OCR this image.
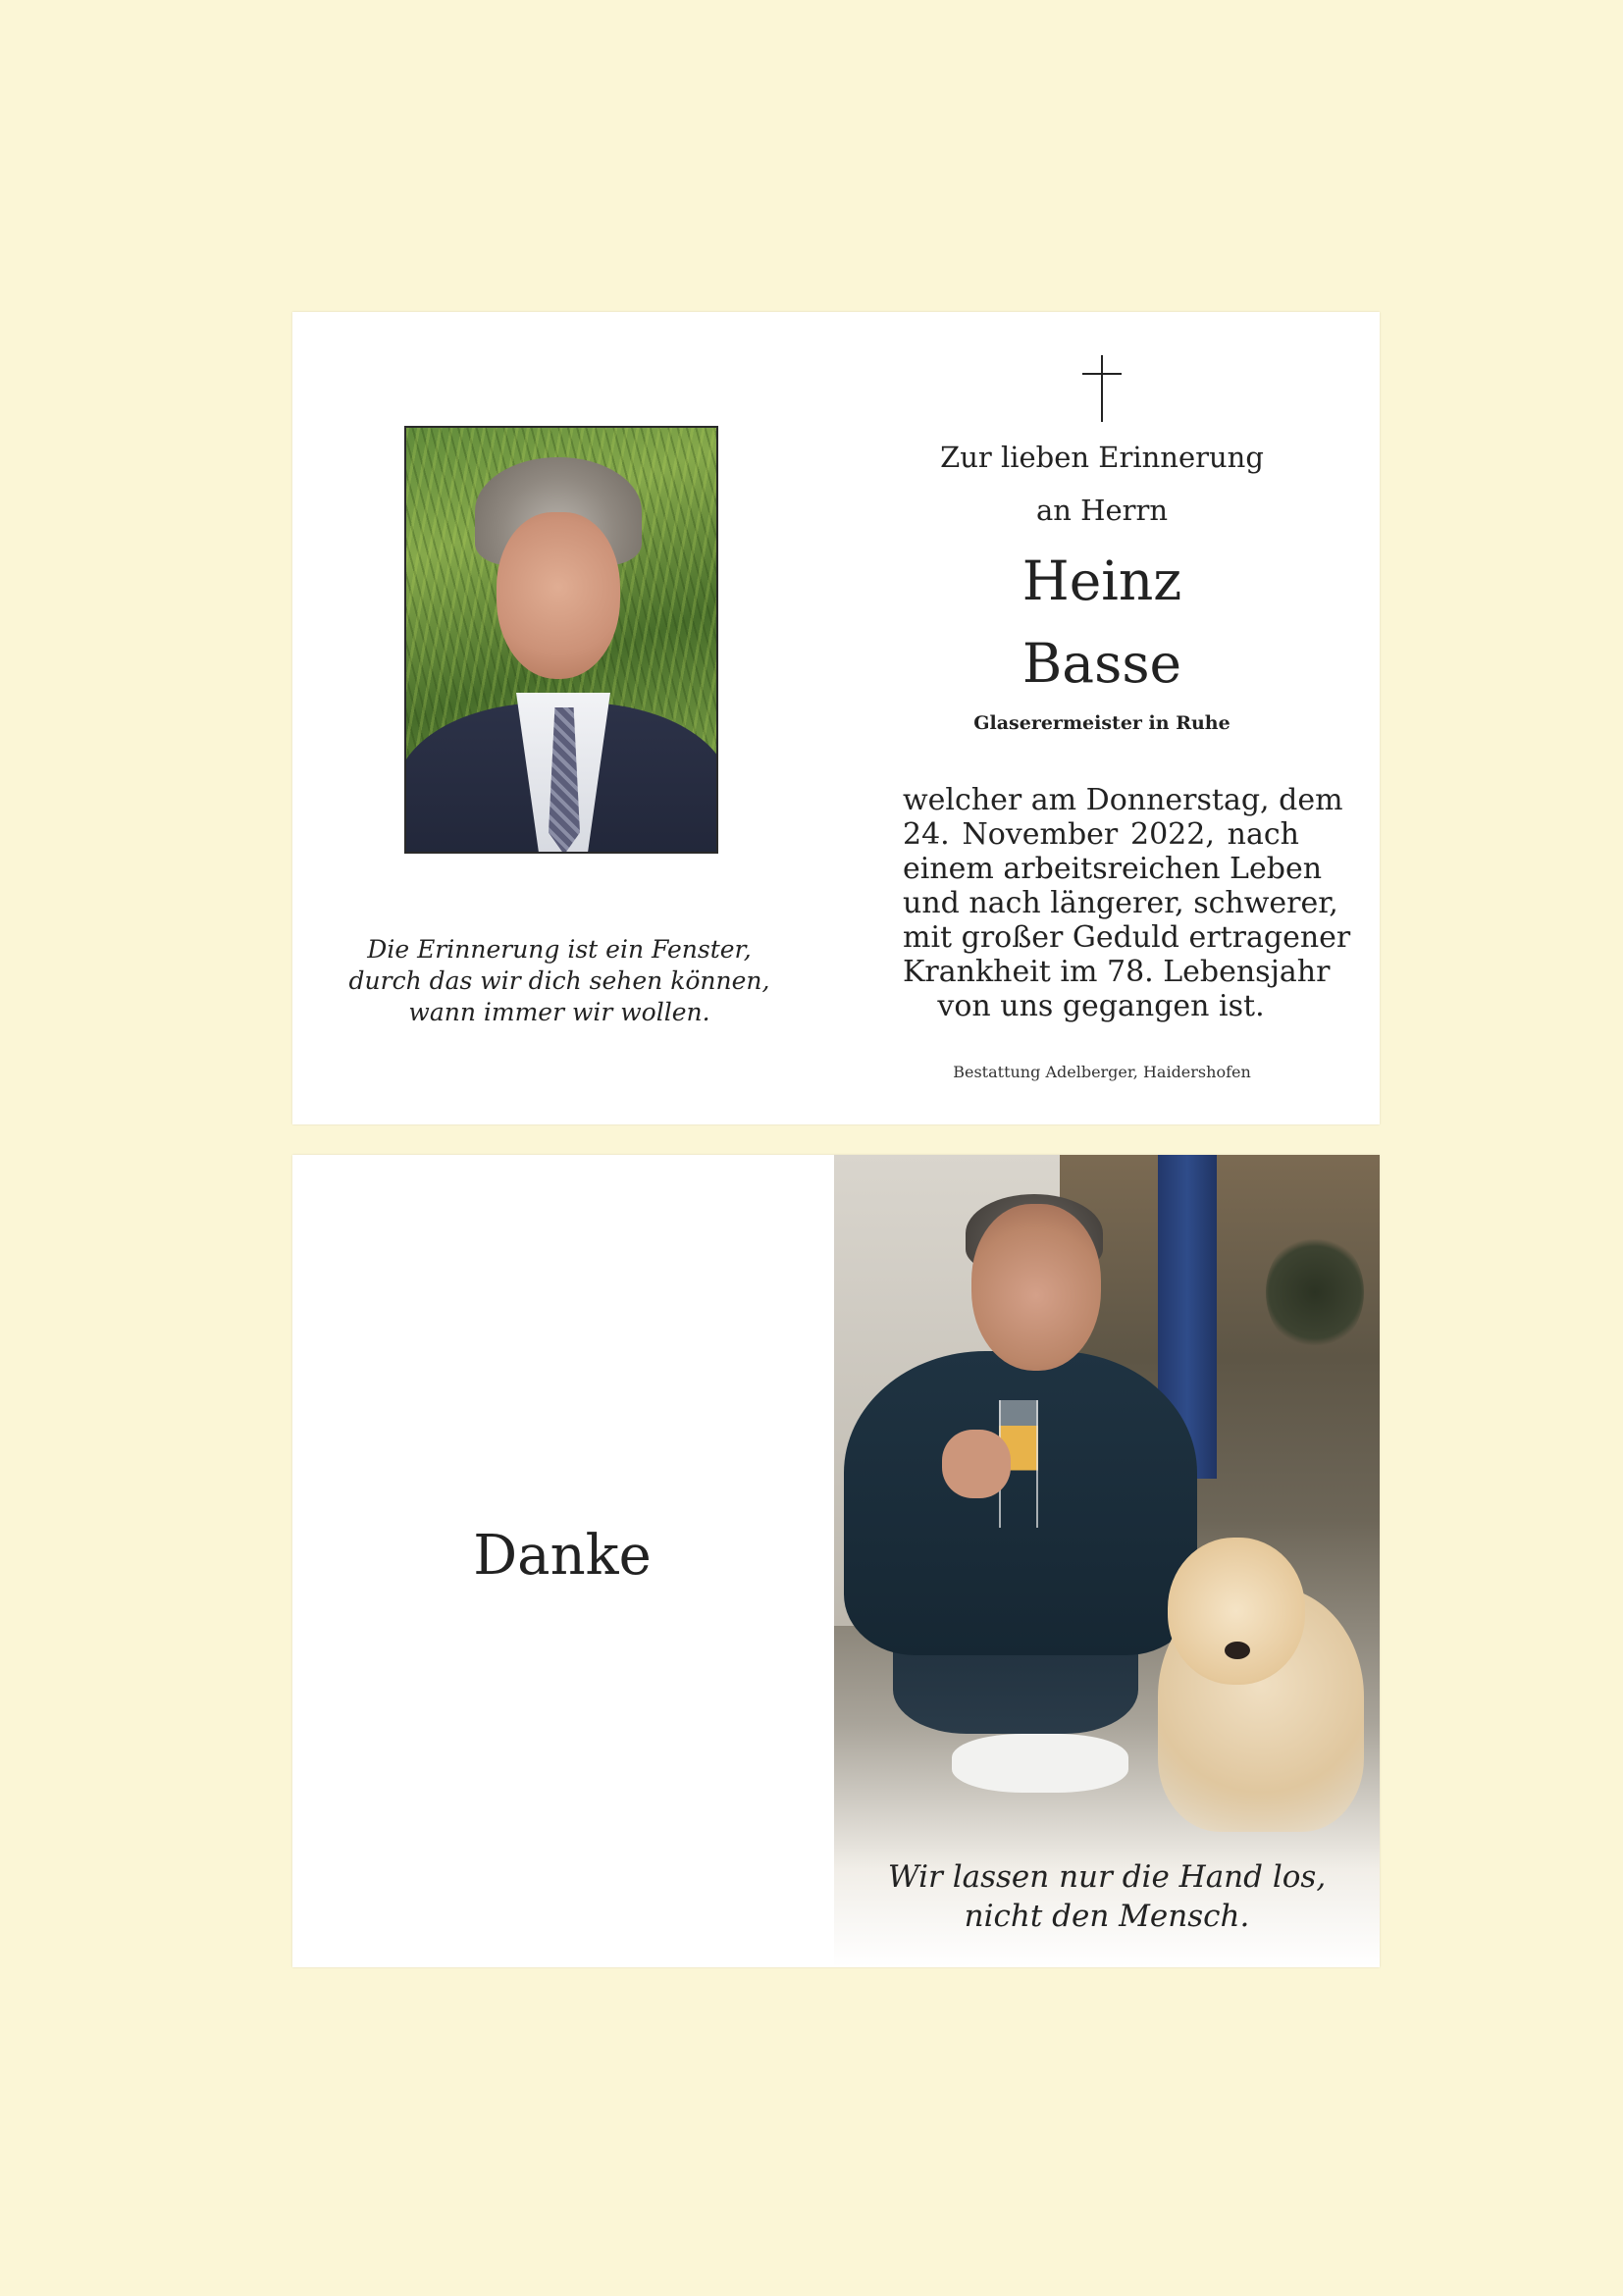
Die Erinnerung ist ein Fenster,
durch das wir dich sehen können,
wann immer wir wollen.
Zur lieben Erinnerung
an Herrn
Heinz
Basse
Glaserermeister in Ruhe
welcher am Donnerstag, dem
24. November 2022, nach
einem arbeitsreichen Leben
und nach längerer, schwerer,
mit großer Geduld ertragener
Krankheit im 78. Lebensjahr
von uns gegangen ist.
Bestattung Adelberger, Haidershofen
Danke
Wir lassen nur die Hand los,
nicht den Mensch.
